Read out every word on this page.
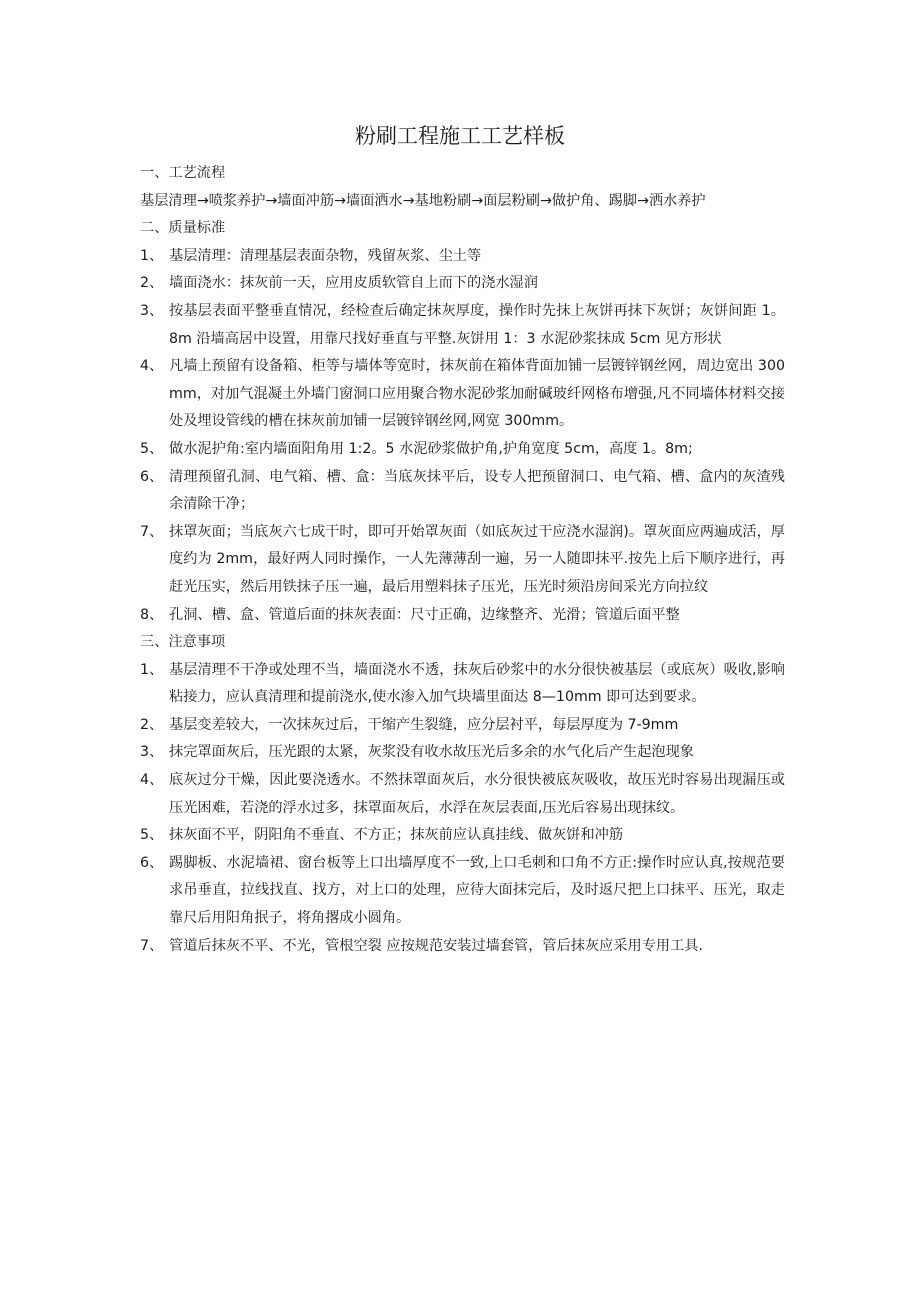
粉刷工程施工工艺样板
一、工艺流程

基层清理→喷浆养护→墙面冲筋→墙面洒水→基地粉刷→面层粉刷→做护角、踢脚→洒水养护

二、质量标准
1、 基层清理：清理基层表面杂物，残留灰浆、尘土等
2、 墙面浇水：抹灰前一天，应用皮质软管自上而下的浇水湿润
3、 按基层表面平整垂直情况，经检查后确定抹灰厚度，操作时先抹上灰饼再抹下灰饼；灰饼间距 1。8m 沿墙高居中设置，用靠尺找好垂直与平整.灰饼用 1：3 水泥砂浆抹成 5cm 见方形状
4、 凡墙上预留有设备箱、柜等与墙体等宽时，抹灰前在箱体背面加铺一层镀锌钢丝网，周边宽出 300mm，对加气混凝土外墙门窗洞口应用聚合物水泥砂浆加耐碱玻纤网格布增强,凡不同墙体材料交接处及埋设管线的槽在抹灰前加铺一层镀锌钢丝网,网宽 300mm。
5、 做水泥护角:室内墙面阳角用 1:2。5 水泥砂浆做护角,护角宽度 5cm，高度 1。8m;
6、 清理预留孔洞、电气箱、槽、盒：当底灰抹平后，设专人把预留洞口、电气箱、槽、盒内的灰渣残余清除干净；
7、 抹罩灰面；当底灰六七成干时，即可开始罩灰面（如底灰过干应浇水湿润)。罩灰面应两遍成活，厚度约为 2mm，最好两人同时操作，一人先薄薄刮一遍，另一人随即抹平.按先上后下顺序进行，再赶光压实，然后用铁抹子压一遍，最后用塑料抹子压光，压光时须沿房间采光方向拉纹
8、 孔洞、槽、盒、管道后面的抹灰表面：尺寸正确，边缘整齐、光滑；管道后面平整
三、注意事项
1、 基层清理不干净或处理不当，墙面浇水不透，抹灰后砂浆中的水分很快被基层（或底灰）吸收,影响粘接力，应认真清理和提前浇水,使水渗入加气块墙里面达 8—10mm 即可达到要求。
2、 基层变差较大，一次抹灰过后，干缩产生裂缝，应分层衬平，每层厚度为 7-9mm
3、 抹完罩面灰后，压光跟的太紧，灰浆没有收水故压光后多余的水气化后产生起泡现象
4、 底灰过分干燥，因此要浇透水。不然抹罩面灰后，水分很快被底灰吸收，故压光时容易出现漏压或压光困难，若浇的浮水过多，抹罩面灰后，水浮在灰层表面,压光后容易出现抹纹。
5、 抹灰面不平，阴阳角不垂直、不方正；抹灰前应认真挂线、做灰饼和冲筋
6、 踢脚板、水泥墙裙、窗台板等上口出墙厚度不一致,上口毛刺和口角不方正:操作时应认真,按规范要求吊垂直，拉线找直、找方，对上口的处理，应待大面抹完后，及时返尺把上口抹平、压光，取走靠尺后用阳角抿子，将角撂成小圆角。
7、 管道后抹灰不平、不光，管根空裂 应按规范安装过墙套管，管后抹灰应采用专用工具.
